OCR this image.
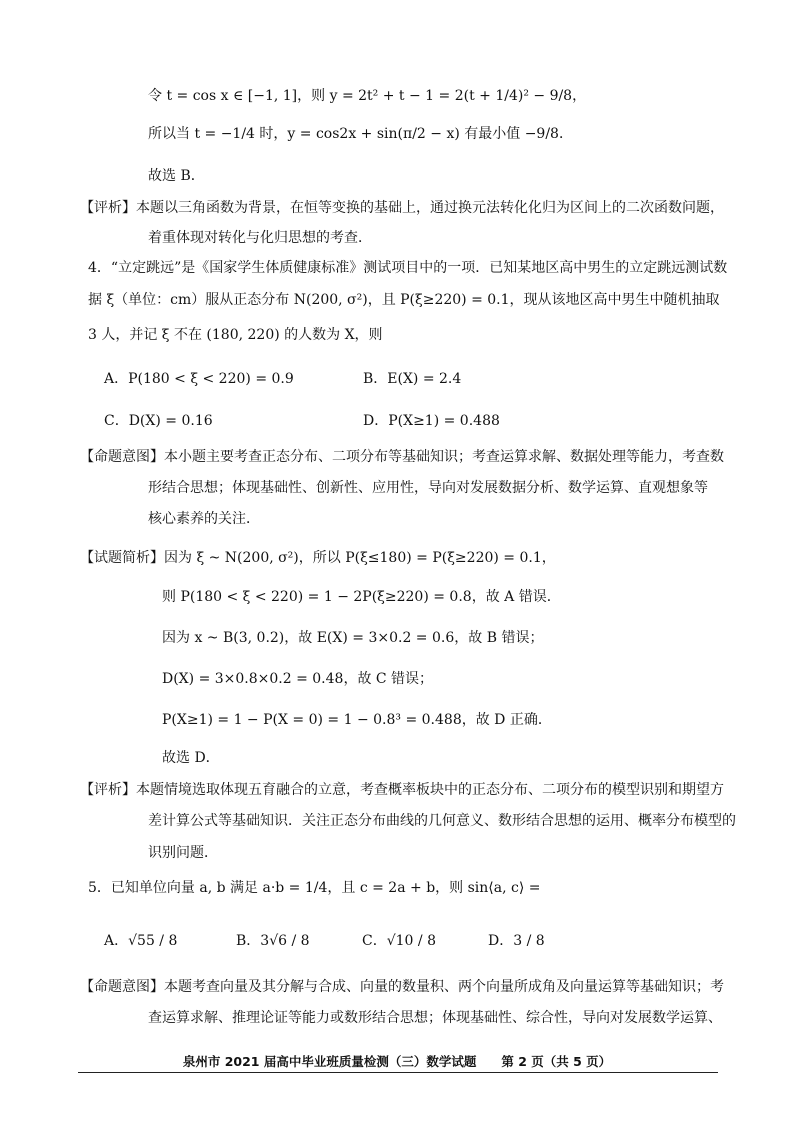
令 t = cos x ∈ [−1, 1]，则 y = 2t² + t − 1 = 2(t + 1/4)² − 9/8，
所以当 t = −1/4 时，y = cos2x + sin(π/2 − x) 有最小值 −9/8．
故选 B．
【评析】本题以三角函数为背景，在恒等变换的基础上，通过换元法转化化归为区间上的二次函数问题，
着重体现对转化与化归思想的考查．
4．“立定跳远”是《国家学生体质健康标准》测试项目中的一项．已知某地区高中男生的立定跳远测试数
据 ξ（单位：cm）服从正态分布 N(200, σ²)，且 P(ξ≥220) = 0.1，现从该地区高中男生中随机抽取
3 人，并记 ξ 不在 (180, 220) 的人数为 X，则
A．P(180 < ξ < 220) = 0.9	B．E(X) = 2.4
C．D(X) = 0.16	D．P(X≥1) = 0.488
【命题意图】本小题主要考查正态分布、二项分布等基础知识；考查运算求解、数据处理等能力，考查数
形结合思想；体现基础性、创新性、应用性，导向对发展数据分析、数学运算、直观想象等
核心素养的关注．
【试题简析】因为 ξ ~ N(200, σ²)，所以 P(ξ≤180) = P(ξ≥220) = 0.1，
则 P(180 < ξ < 220) = 1 − 2P(ξ≥220) = 0.8，故 A 错误．
因为 x ~ B(3, 0.2)，故 E(X) = 3×0.2 = 0.6，故 B 错误；
D(X) = 3×0.8×0.2 = 0.48，故 C 错误；
P(X≥1) = 1 − P(X = 0) = 1 − 0.8³ = 0.488，故 D 正确．
故选 D．
【评析】本题情境选取体现五育融合的立意，考查概率板块中的正态分布、二项分布的模型识别和期望方
差计算公式等基础知识．关注正态分布曲线的几何意义、数形结合思想的运用、概率分布模型的
识别问题．
5．已知单位向量 a, b 满足 a·b = 1/4，且 c = 2a + b，则 sin⟨a, c⟩ =
A．√55 / 8	B．3√6 / 8	C．√10 / 8	D．3 / 8
【命题意图】本题考查向量及其分解与合成、向量的数量积、两个向量所成角及向量运算等基础知识；考
查运算求解、推理论证等能力或数形结合思想；体现基础性、综合性，导向对发展数学运算、
泉州市 2021 届高中毕业班质量检测（三）数学试题　　第 2 页（共 5 页）
